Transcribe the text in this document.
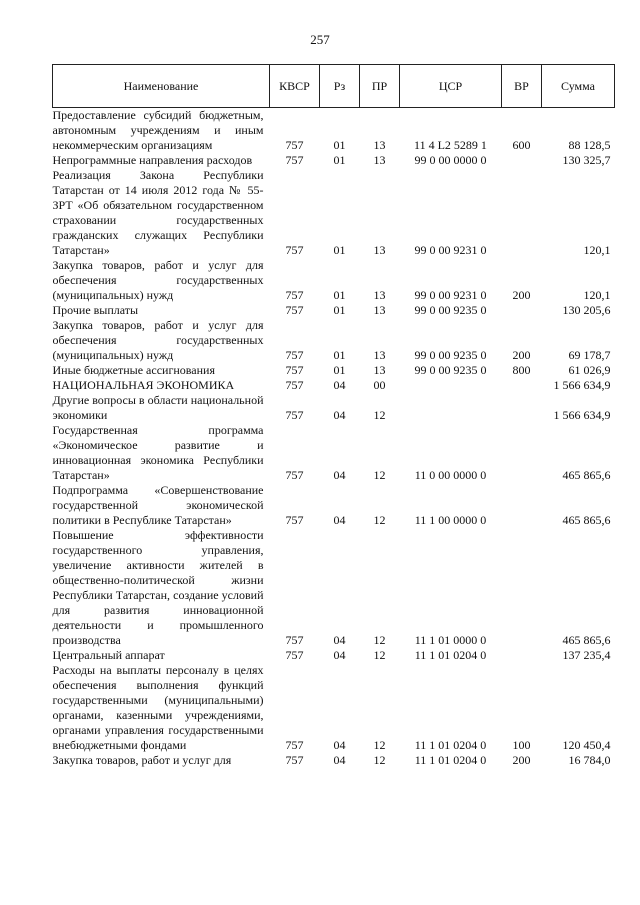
257
Наименование	КВСР	Рз	ПР	ЦСР	ВР	Сумма
Предоставление субсидий бюджетным, автономным учреждениям и иным некоммерческим организациям	757	01	13	11 4 L2 5289 1	600	88 128,5
Непрограммные направления расходов	757	01	13	99 0 00 0000 0		130 325,7
Реализация Закона Республики Татарстан от 14 июля 2012 года № 55-ЗРТ «Об обязательном государственном страховании государственных гражданских служащих Республики Татарстан»	757	01	13	99 0 00 9231 0		120,1
Закупка товаров, работ и услуг для обеспечения государственных (муниципальных) нужд	757	01	13	99 0 00 9231 0	200	120,1
Прочие выплаты	757	01	13	99 0 00 9235 0		130 205,6
Закупка товаров, работ и услуг для обеспечения государственных (муниципальных) нужд	757	01	13	99 0 00 9235 0	200	69 178,7
Иные бюджетные ассигнования	757	01	13	99 0 00 9235 0	800	61 026,9
НАЦИОНАЛЬНАЯ ЭКОНОМИКА	757	04	00			1 566 634,9
Другие вопросы в области национальной экономики	757	04	12			1 566 634,9
Государственная программа «Экономическое развитие и инновационная экономика Республики Татарстан»	757	04	12	11 0 00 0000 0		465 865,6
Подпрограмма «Совершенствование государственной экономической политики в Республике Татарстан»	757	04	12	11 1 00 0000 0		465 865,6
Повышение эффективности государственного управления, увеличение активности жителей в общественно-политической жизни Республики Татарстан, создание условий для развития инновационной деятельности и промышленного производства	757	04	12	11 1 01 0000 0		465 865,6
Центральный аппарат	757	04	12	11 1 01 0204 0		137 235,4
Расходы на выплаты персоналу в целях обеспечения выполнения функций государственными (муниципальными) органами, казенными учреждениями, органами управления государственными внебюджетными фондами	757	04	12	11 1 01 0204 0	100	120 450,4
Закупка товаров, работ и услуг для	757	04	12	11 1 01 0204 0	200	16 784,0
